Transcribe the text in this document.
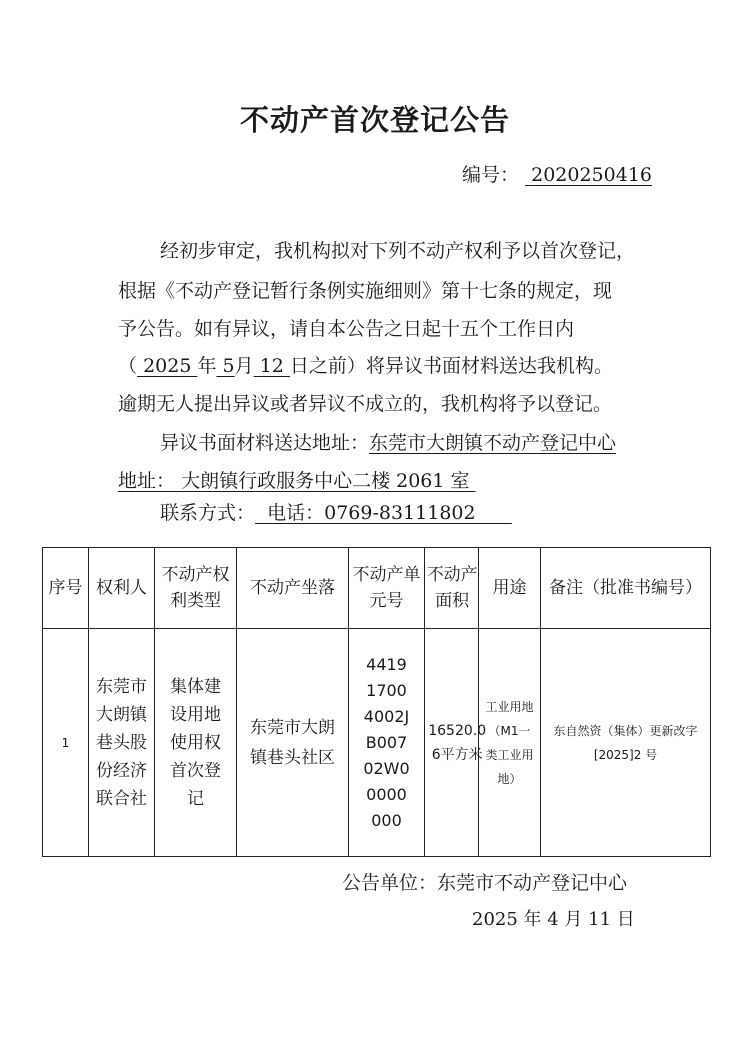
不动产首次登记公告
编号： 2020250416
经初步审定，我机构拟对下列不动产权利予以首次登记，
根据《不动产登记暂行条例实施细则》第十七条的规定，现
予公告。如有异议，请自本公告之日起十五个工作日内
（ 2025 年 5月 12 日之前）将异议书面材料送达我机构。
逾期无人提出异议或者异议不成立的，我机构将予以登记。
异议书面材料送达地址：东莞市大朗镇不动产登记中心
地址： 大朗镇行政服务中心二楼 2061 室
联系方式： 电话：0769-83111802
序号	权利人	不动产权利类型	不动产坐落	不动产单元号	不动产面积	用途	备注（批准书编号）
1	东莞市大朗镇巷头股份经济联合社	集体建设用地使用权首次登记	东莞市大朗镇巷头社区	441917004002JB00702W00000000	16520.06平方米	工业用地（M1一类工业用地）	东自然资（集体）更新改字[2025]2 号
公告单位：东莞市不动产登记中心
2025 年 4 月 11 日
